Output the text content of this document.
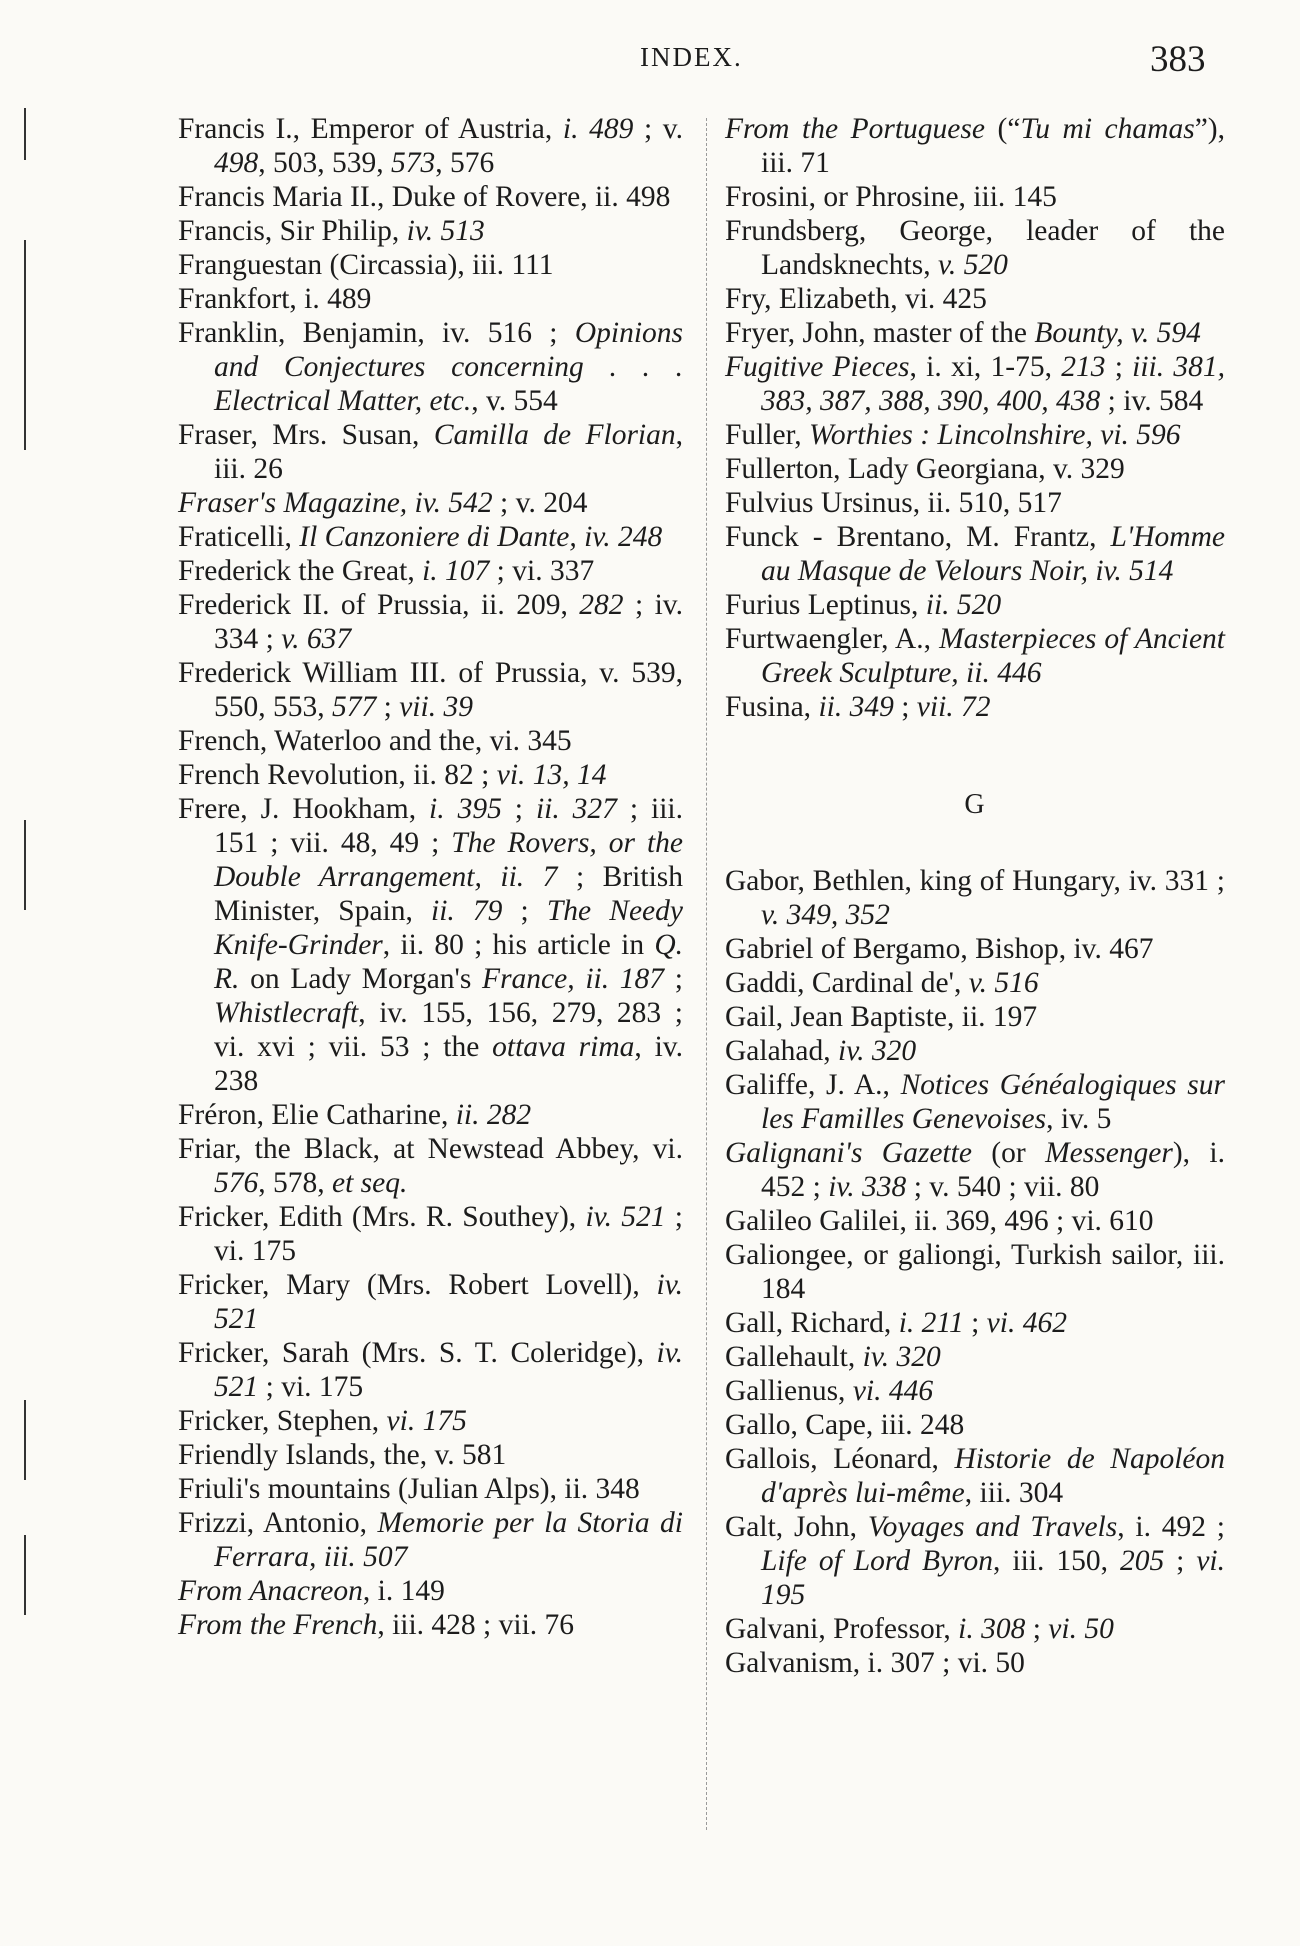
INDEX.	383

Francis I., Emperor of Austria, i. 489 ; v. 498, 503, 539, 573, 576

Francis Maria II., Duke of Rovere, ii. 498

Francis, Sir Philip, iv. 513

Franguestan (Circassia), iii. 111

Frankfort, i. 489

Franklin, Benjamin, iv. 516 ; Opinions and Conjectures concerning . . . Electrical Matter, etc., v. 554

Fraser, Mrs. Susan, Camilla de Florian, iii. 26

Fraser's Magazine, iv. 542 ; v. 204

Fraticelli, Il Canzoniere di Dante, iv. 248

Frederick the Great, i. 107 ; vi. 337

Frederick II. of Prussia, ii. 209, 282 ; iv. 334 ; v. 637

Frederick William III. of Prussia, v. 539, 550, 553, 577 ; vii. 39

French, Waterloo and the, vi. 345

French Revolution, ii. 82 ; vi. 13, 14

Frere, J. Hookham, i. 395 ; ii. 327 ; iii. 151 ; vii. 48, 49 ; The Rovers, or the Double Arrangement, ii. 7 ; British Minister, Spain, ii. 79 ; The Needy Knife-Grinder, ii. 80 ; his article in Q. R. on Lady Morgan's France, ii. 187 ; Whistlecraft, iv. 155, 156, 279, 283 ; vi. xvi ; vii. 53 ; the ottava rima, iv. 238

Fréron, Elie Catharine, ii. 282

Friar, the Black, at Newstead Abbey, vi. 576, 578, et seq.

Fricker, Edith (Mrs. R. Southey), iv. 521 ; vi. 175

Fricker, Mary (Mrs. Robert Lovell), iv. 521

Fricker, Sarah (Mrs. S. T. Coleridge), iv. 521 ; vi. 175

Fricker, Stephen, vi. 175

Friendly Islands, the, v. 581

Friuli's mountains (Julian Alps), ii. 348

Frizzi, Antonio, Memorie per la Storia di Ferrara, iii. 507

From Anacreon, i. 149

From the French, iii. 428 ; vii. 76

From the Portuguese (“Tu mi chamas”), iii. 71

Frosini, or Phrosine, iii. 145

Frundsberg, George, leader of the Landsknechts, v. 520

Fry, Elizabeth, vi. 425

Fryer, John, master of the Bounty, v. 594

Fugitive Pieces, i. xi, 1-75, 213 ; iii. 381, 383, 387, 388, 390, 400, 438 ; iv. 584

Fuller, Worthies : Lincolnshire, vi. 596

Fullerton, Lady Georgiana, v. 329

Fulvius Ursinus, ii. 510, 517

Funck - Brentano, M. Frantz, L'Homme au Masque de Velours Noir, iv. 514

Furius Leptinus, ii. 520

Furtwaengler, A., Masterpieces of Ancient Greek Sculpture, ii. 446

Fusina, ii. 349 ; vii. 72

G

Gabor, Bethlen, king of Hungary, iv. 331 ; v. 349, 352

Gabriel of Bergamo, Bishop, iv. 467

Gaddi, Cardinal de', v. 516

Gail, Jean Baptiste, ii. 197

Galahad, iv. 320

Galiffe, J. A., Notices Généalogiques sur les Familles Genevoises, iv. 5

Galignani's Gazette (or Messenger), i. 452 ; iv. 338 ; v. 540 ; vii. 80

Galileo Galilei, ii. 369, 496 ; vi. 610

Galiongee, or galiongi, Turkish sailor, iii. 184

Gall, Richard, i. 211 ; vi. 462

Gallehault, iv. 320

Gallienus, vi. 446

Gallo, Cape, iii. 248

Gallois, Léonard, Historie de Napoléon d'après lui-même, iii. 304

Galt, John, Voyages and Travels, i. 492 ; Life of Lord Byron, iii. 150, 205 ; vi. 195

Galvani, Professor, i. 308 ; vi. 50

Galvanism, i. 307 ; vi. 50
